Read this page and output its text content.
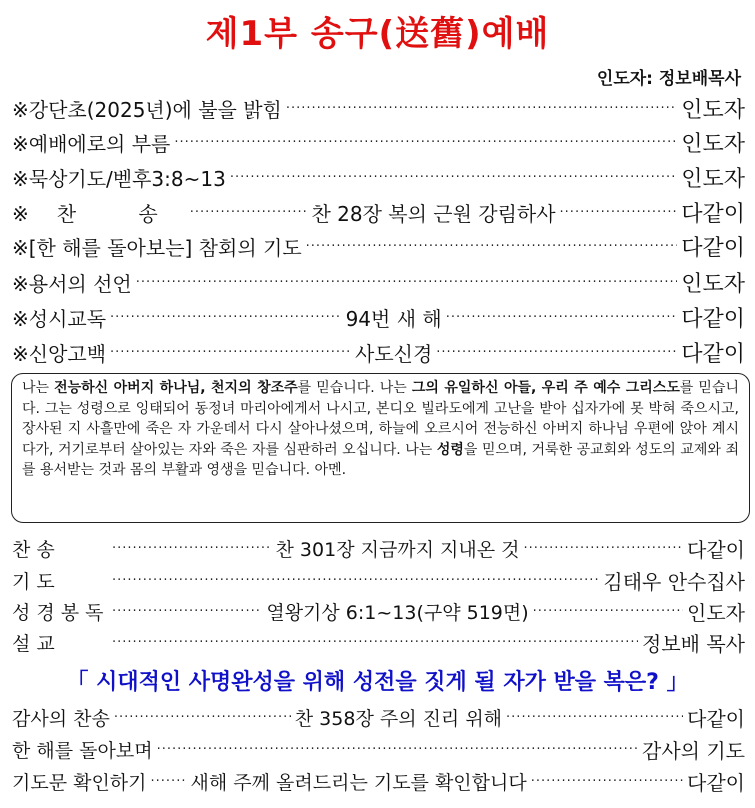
제1부 송구(送舊)예배
인도자: 정보배목사
※강단초(2025년)에 불을 밝힘 ·····	인도자
※예배에로의 부름 ·····	인도자
※묵상기도/벧후3:8~13 ·····	인도자
※찬 송 ·····	찬 28장 복의 근원 강림하사 ·····	다같이
※[한 해를 돌아보는] 참회의 기도 ·····	다같이
※용서의 선언 ·····	인도자
※성시교독 ·····	94번 새 해 ·····	다같이
※신앙고백 ·····	사도신경 ·····	다같이
나는 전능하신 아버지 하나님, 천지의 창조주를 믿습니다. 나는 그의 유일하신 아들, 우리 주 예수 그리스도를 믿습니다. 그는 성령으로 잉태되어 동정녀 마리아에게서 나시고, 본디오 빌라도에게 고난을 받아 십자가에 못 박혀 죽으시고, 장사된 지 사흘만에 죽은 자 가운데서 다시 살아나셨으며, 하늘에 오르시어 전능하신 아버지 하나님 우편에 앉아 계시다가, 거기로부터 살아있는 자와 죽은 자를 심판하러 오십니다. 나는 성령을 믿으며, 거룩한 공교회와 성도의 교제와 죄를 용서받는 것과 몸의 부활과 영생을 믿습니다. 아멘.
찬 송 ·····	찬 301장 지금까지 지내온 것 ·····	다같이
기 도 ·····	김태우 안수집사
성 경 봉 독 ·····	열왕기상 6:1~13(구약 519면) ·····	인도자
설 교 ·····	정보배 목사
「 시대적인 사명완성을 위해 성전을 짓게 될 자가 받을 복은? 」
감사의 찬송 ·····	찬 358장 주의 진리 위해 ·····	다같이
한 해를 돌아보며 ·····	감사의 기도
기도문 확인하기 ····· 새해 주께 올려드리는 기도를 확인합니다 ·····	다같이
